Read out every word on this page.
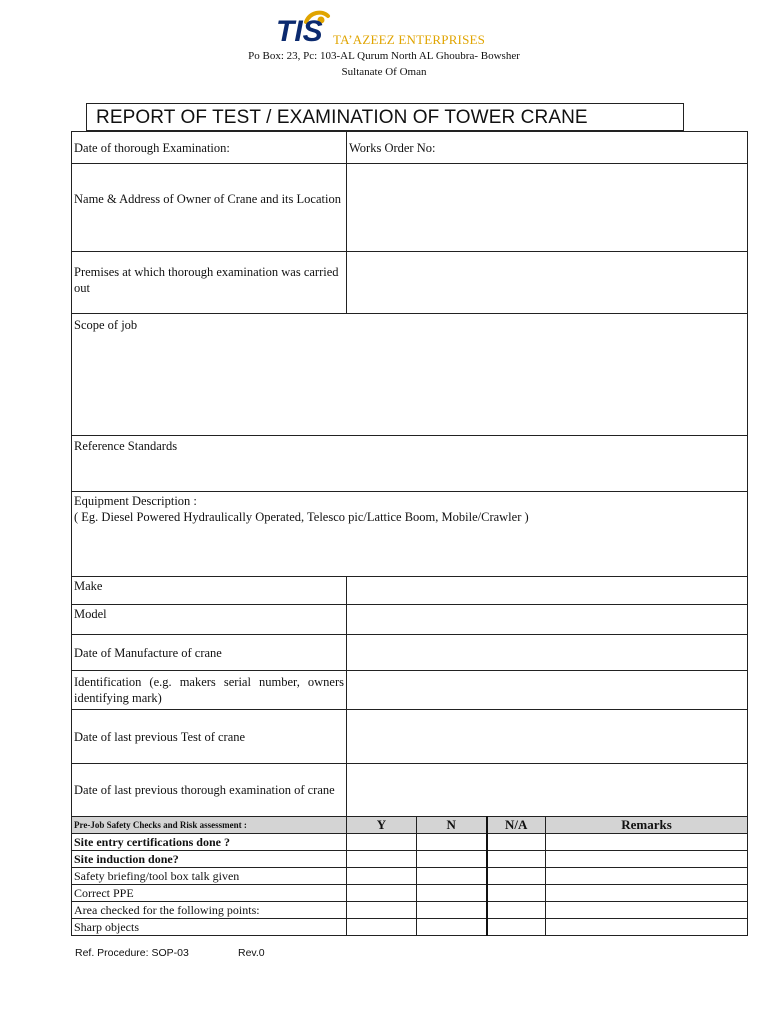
TIS TA’AZEEZ ENTERPRISES
Po Box: 23, Pc: 103-AL Qurum North AL Ghoubra- Bowsher
Sultanate Of Oman
REPORT OF TEST / EXAMINATION OF TOWER CRANE
Date of thorough Examination:	Works Order No:
Name & Address of Owner of Crane and its Location	
Premises at which thorough examination was carried out	
Scope of job	
Reference Standards	

Equipment Description :
( Eg. Diesel Powered Hydraulically Operated, Telesco pic/Lattice Boom, Mobile/Crawler )	

Make	
Model	
Date of Manufacture of crane	
Identification (e.g. makers serial number, owners identifying mark)	
Date of last previous Test of crane	
Date of last previous thorough examination of crane	
Pre-Job Safety Checks and Risk assessment :	Y	N	N/A	Remarks
Site entry certifications done ?				
Site induction done?				
Safety briefing/tool box talk given				
Correct PPE				
Area checked for the following points:				
Sharp objects				
Ref. Procedure: SOP-03	Rev.0
